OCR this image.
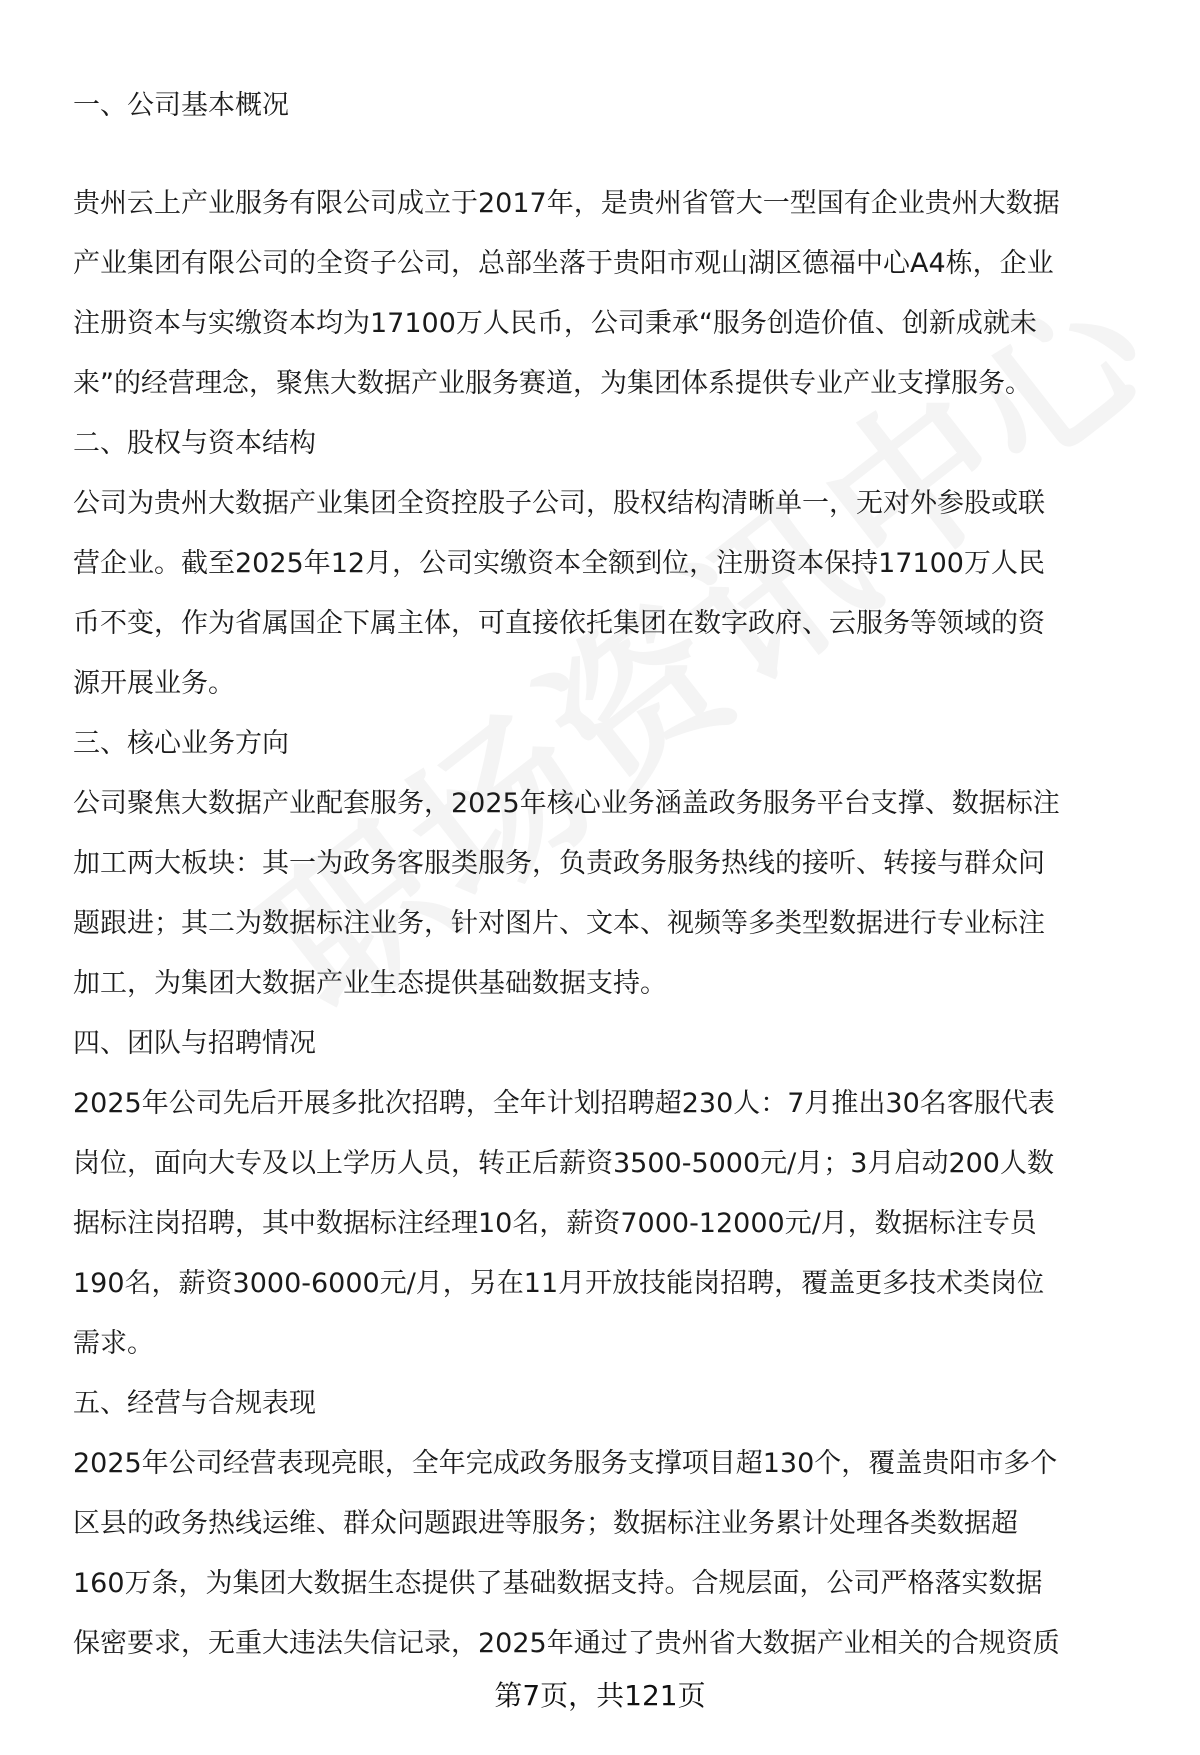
一、公司基本概况
贵州云上产业服务有限公司成立于2017年，是贵州省管大一型国有企业贵州大数据
产业集团有限公司的全资子公司，总部坐落于贵阳市观山湖区德福中心A4栋，企业
注册资本与实缴资本均为17100万人民币，公司秉承“服务创造价值、创新成就未
来”的经营理念，聚焦大数据产业服务赛道，为集团体系提供专业产业支撑服务。
二、股权与资本结构
公司为贵州大数据产业集团全资控股子公司，股权结构清晰单一，无对外参股或联
营企业。截至2025年12月，公司实缴资本全额到位，注册资本保持17100万人民
币不变，作为省属国企下属主体，可直接依托集团在数字政府、云服务等领域的资
源开展业务。
三、核心业务方向
公司聚焦大数据产业配套服务，2025年核心业务涵盖政务服务平台支撑、数据标注
加工两大板块：其一为政务客服类服务，负责政务服务热线的接听、转接与群众问
题跟进；其二为数据标注业务，针对图片、文本、视频等多类型数据进行专业标注
加工，为集团大数据产业生态提供基础数据支持。
四、团队与招聘情况
2025年公司先后开展多批次招聘，全年计划招聘超230人：7月推出30名客服代表
岗位，面向大专及以上学历人员，转正后薪资3500-5000元/月；3月启动200人数
据标注岗招聘，其中数据标注经理10名，薪资7000-12000元/月，数据标注专员
190名，薪资3000-6000元/月，另在11月开放技能岗招聘，覆盖更多技术类岗位
需求。
五、经营与合规表现
2025年公司经营表现亮眼，全年完成政务服务支撑项目超130个，覆盖贵阳市多个
区县的政务热线运维、群众问题跟进等服务；数据标注业务累计处理各类数据超
160万条，为集团大数据生态提供了基础数据支持。合规层面，公司严格落实数据
保密要求，无重大违法失信记录，2025年通过了贵州省大数据产业相关的合规资质
第7页，共121页
